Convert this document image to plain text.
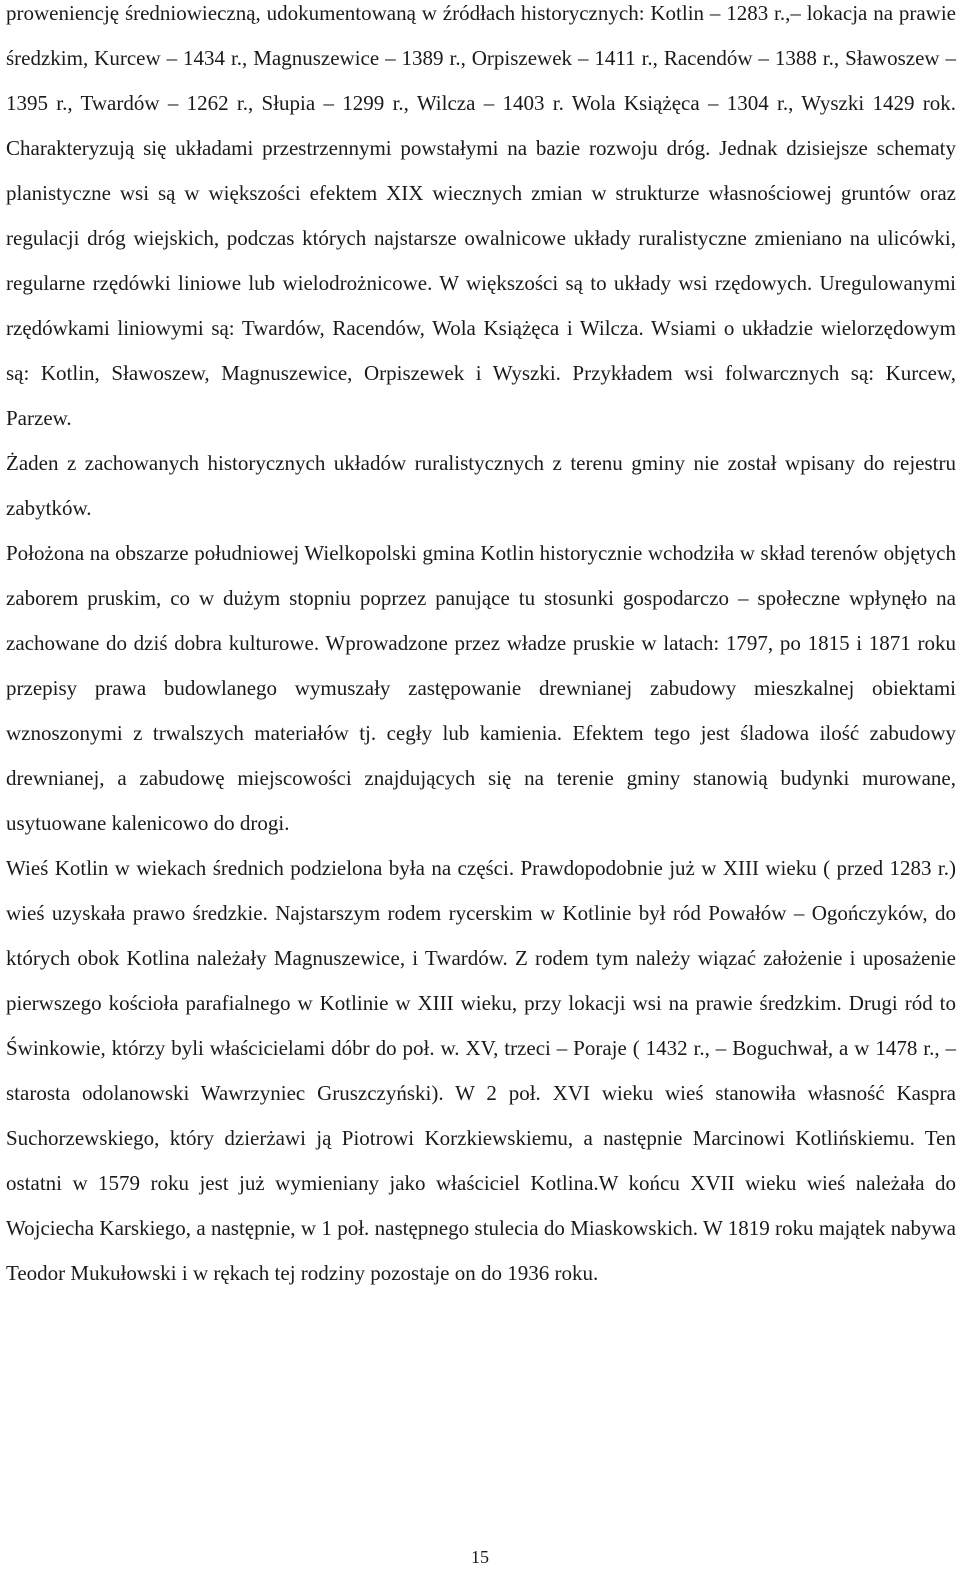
proweniencję średniowieczną, udokumentowaną w źródłach historycznych: Kotlin – 1283 r.,– lokacja na prawie średzkim, Kurcew – 1434 r., Magnuszewice – 1389 r., Orpiszewek – 1411 r., Racendów – 1388 r., Sławoszew – 1395 r., Twardów – 1262 r., Słupia – 1299 r., Wilcza – 1403 r. Wola Książęca – 1304 r., Wyszki 1429 rok. Charakteryzują się układami przestrzennymi powstałymi na bazie rozwoju dróg. Jednak dzisiejsze schematy planistyczne wsi są w większości efektem XIX wiecznych zmian w strukturze własnościowej gruntów oraz regulacji dróg wiejskich, podczas których najstarsze owalnicowe układy ruralistyczne zmieniano na ulicówki, regularne rzędówki liniowe lub wielodrożnicowe. W większości są to układy wsi rzędowych. Uregulowanymi rzędówkami liniowymi są: Twardów, Racendów, Wola Książęca i Wilcza. Wsiami o układzie wielorzędowym są: Kotlin, Sławoszew, Magnuszewice, Orpiszewek i Wyszki. Przykładem wsi folwarcznych są: Kurcew, Parzew.

Żaden z zachowanych historycznych układów ruralistycznych z terenu gminy nie został wpisany do rejestru zabytków.

Położona na obszarze południowej Wielkopolski gmina Kotlin historycznie wchodziła w skład terenów objętych zaborem pruskim, co w dużym stopniu poprzez panujące tu stosunki gospodarczo – społeczne wpłynęło na zachowane do dziś dobra kulturowe. Wprowadzone przez władze pruskie w latach: 1797, po 1815 i 1871 roku przepisy prawa budowlanego wymuszały zastępowanie drewnianej zabudowy mieszkalnej obiektami wznoszonymi z trwalszych materiałów tj. cegły lub kamienia. Efektem tego jest śladowa ilość zabudowy drewnianej, a zabudowę miejscowości znajdujących się na terenie gminy stanowią budynki murowane, usytuowane kalenicowo do drogi.

Wieś Kotlin w wiekach średnich podzielona była na części. Prawdopodobnie już w XIII wieku ( przed 1283 r.) wieś uzyskała prawo średzkie. Najstarszym rodem rycerskim w Kotlinie był ród Powałów – Ogończyków, do których obok Kotlina należały Magnuszewice, i Twardów. Z rodem tym należy wiązać założenie i uposażenie pierwszego kościoła parafialnego w Kotlinie w XIII wieku, przy lokacji wsi na prawie średzkim. Drugi ród to Świnkowie, którzy byli właścicielami dóbr do poł. w. XV, trzeci – Poraje ( 1432 r., – Boguchwał, a w 1478 r., – starosta odolanowski Wawrzyniec Gruszczyński). W 2 poł. XVI wieku wieś stanowiła własność Kaspra Suchorzewskiego, który dzierżawi ją Piotrowi Korzkiewskiemu, a następnie Marcinowi Kotlińskiemu. Ten ostatni w 1579 roku jest już wymieniany jako właściciel Kotlina.W końcu XVII wieku wieś należała do Wojciecha Karskiego, a następnie, w 1 poł. następnego stulecia do Miaskowskich. W 1819 roku majątek nabywa Teodor Mukułowski i w rękach tej rodziny pozostaje on do 1936 roku.

15
